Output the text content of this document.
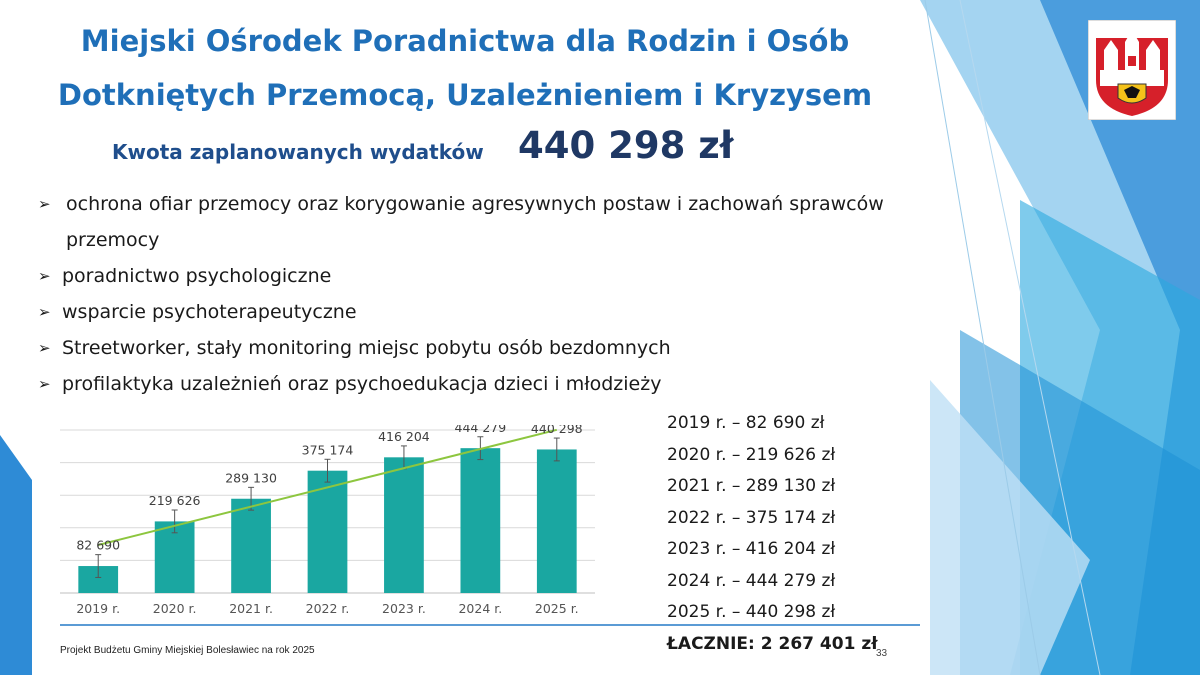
Miejski Ośrodek Poradnictwa dla Rodzin i Osób
Dotkniętych Przemocą, Uzależnieniem i Kryzysem
Kwota zaplanowanych wydatków 440 298 zł
➢ ochrona ofiar przemocy oraz korygowanie agresywnych postaw i zachowań sprawców
przemocy
➢ poradnictwo psychologiczne
➢ wsparcie psychoterapeutyczne
➢ Streetworker, stały monitoring miejsc pobytu osób bezdomnych
➢ profilaktyka uzależnień oraz psychoedukacja dzieci i młodzieży
2019 r.	2020 r.	2021 r.	2022 r.	2023 r.	2024 r.	2025 r.
82 690
219 626
289 130
375 174
416 204
444 279 440 298	2019 r. – 82 690 zł
2020 r. – 219 626 zł
2021 r. – 289 130 zł
2022 r. – 375 174 zł
2023 r. – 416 204 zł
2024 r. – 444 279 zł
2025 r. – 440 298 zł
ŁACZNIE: 2 267 401 zł
Projekt Budżetu Gminy Miejskiej Bolesławiec na rok 2025	33
